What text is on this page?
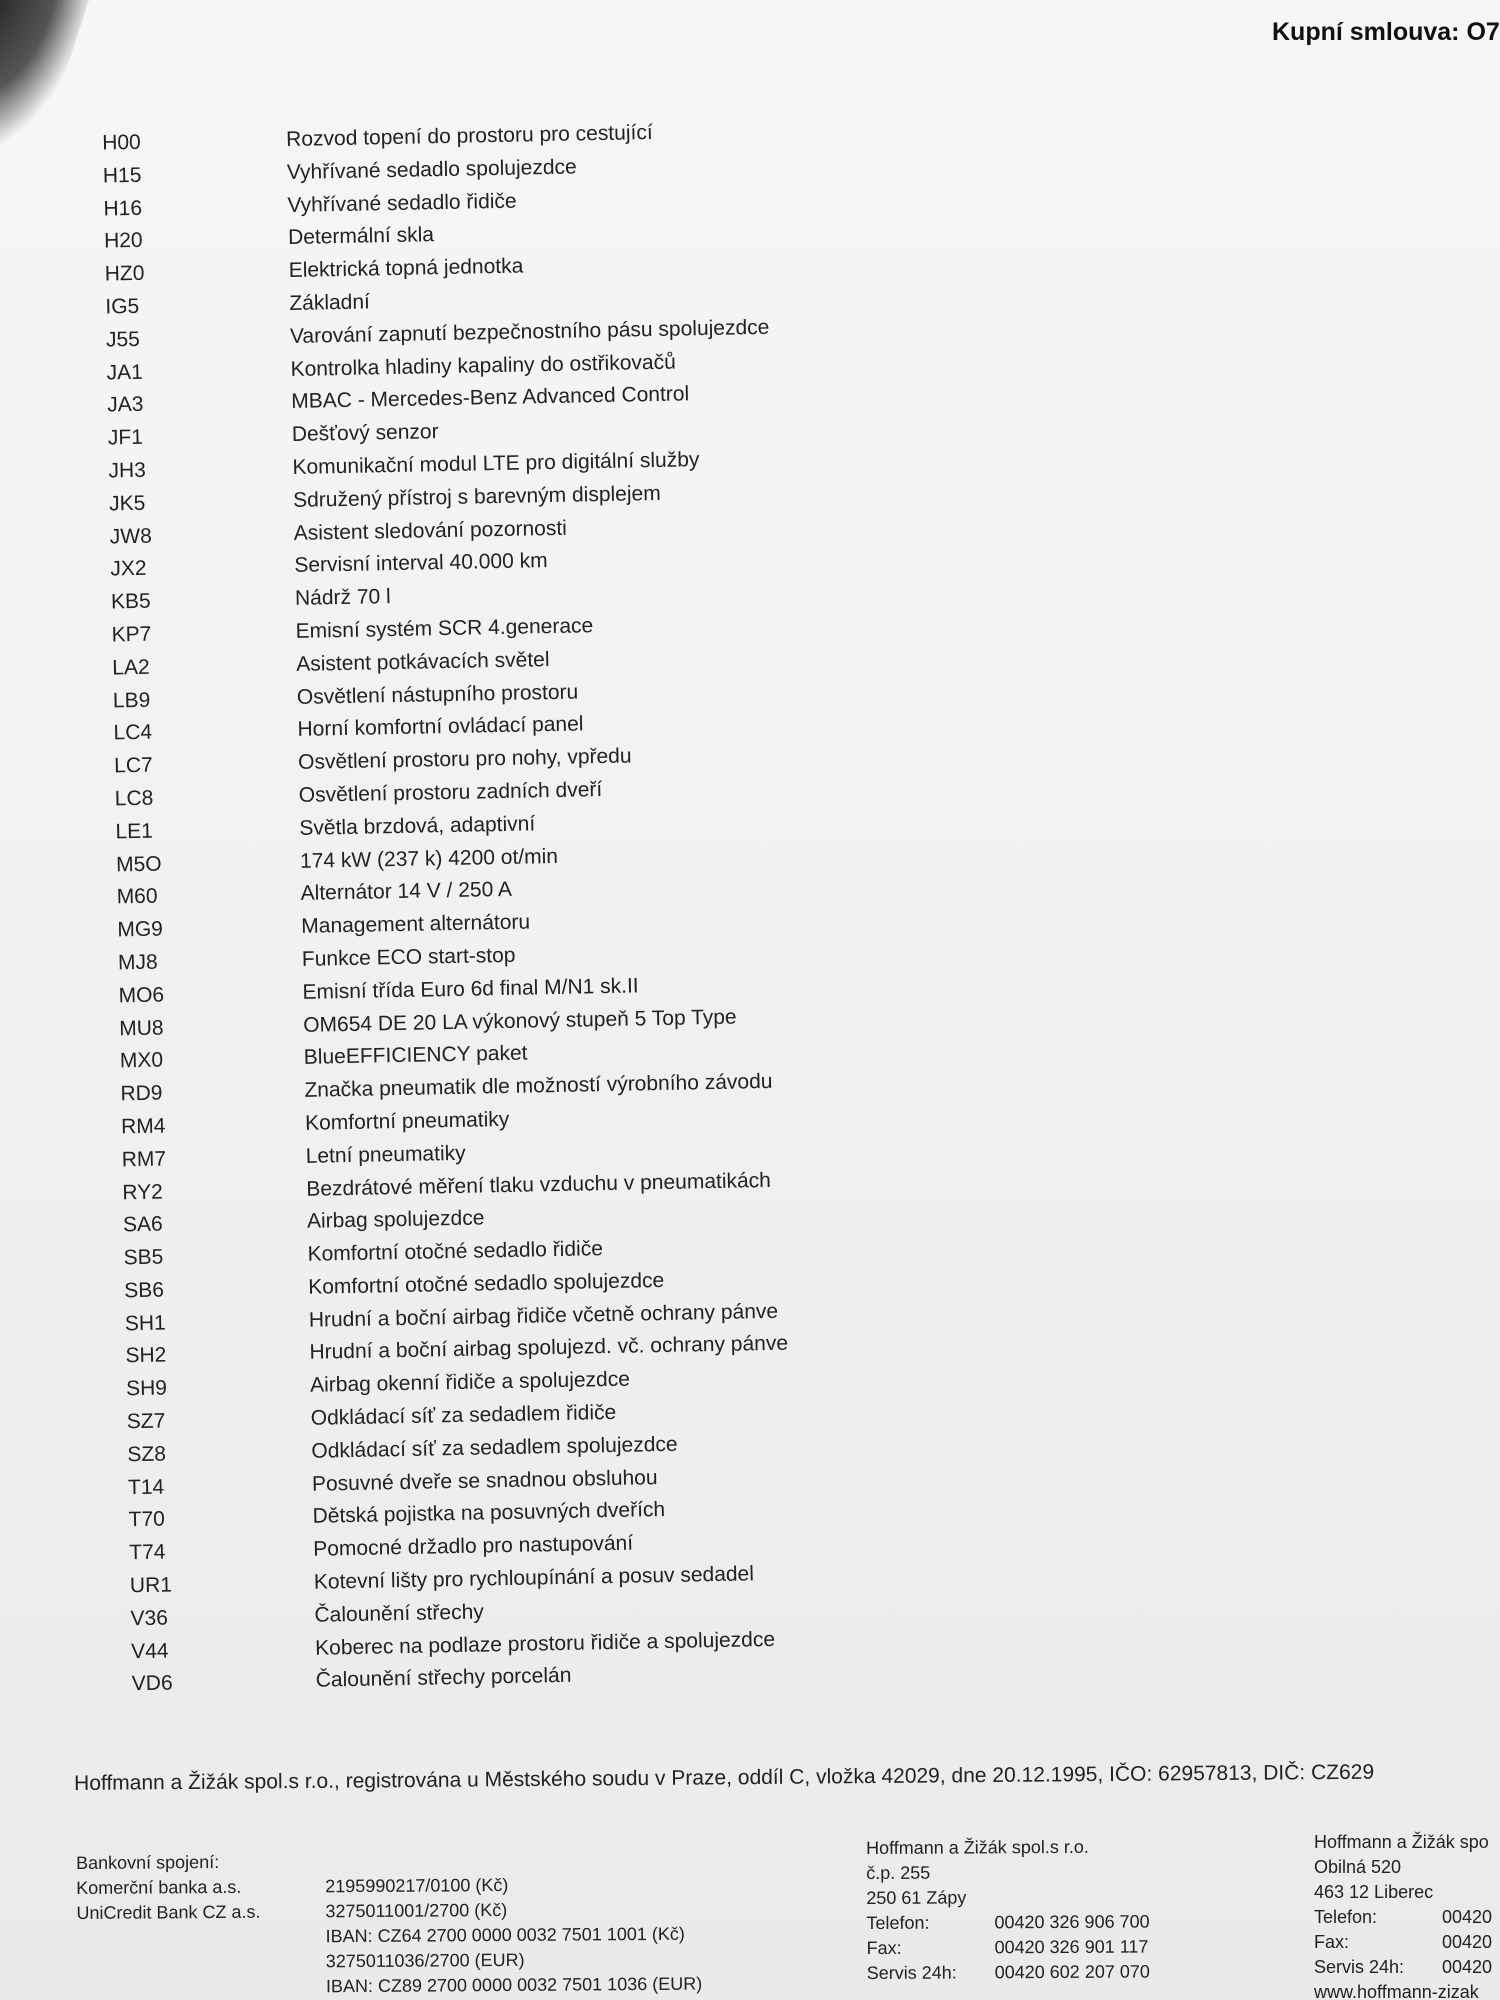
Kupní smlouva: O7
H00	Rozvod topení do prostoru pro cestující
H15	Vyhřívané sedadlo spolujezdce
H16	Vyhřívané sedadlo řidiče
H20	Determální skla
HZ0	Elektrická topná jednotka
IG5	Základní
J55	Varování zapnutí bezpečnostního pásu spolujezdce
JA1	Kontrolka hladiny kapaliny do ostřikovačů
JA3	MBAC - Mercedes-Benz Advanced Control
JF1	Dešťový senzor
JH3	Komunikační modul LTE pro digitální služby
JK5	Sdružený přístroj s barevným displejem
JW8	Asistent sledování pozornosti
JX2	Servisní interval 40.000 km
KB5	Nádrž 70 l
KP7	Emisní systém SCR 4.generace
LA2	Asistent potkávacích světel
LB9	Osvětlení nástupního prostoru
LC4	Horní komfortní ovládací panel
LC7	Osvětlení prostoru pro nohy, vpředu
LC8	Osvětlení prostoru zadních dveří
LE1	Světla brzdová, adaptivní
M5O	174 kW (237 k) 4200 ot/min
M60	Alternátor 14 V / 250 A
MG9	Management alternátoru
MJ8	Funkce ECO start-stop
MO6	Emisní třída Euro 6d final M/N1 sk.II
MU8	OM654 DE 20 LA výkonový stupeň 5 Top Type
MX0	BlueEFFICIENCY paket
RD9	Značka pneumatik dle možností výrobního závodu
RM4	Komfortní pneumatiky
RM7	Letní pneumatiky
RY2	Bezdrátové měření tlaku vzduchu v pneumatikách
SA6	Airbag spolujezdce
SB5	Komfortní otočné sedadlo řidiče
SB6	Komfortní otočné sedadlo spolujezdce
SH1	Hrudní a boční airbag řidiče včetně ochrany pánve
SH2	Hrudní a boční airbag spolujezd. vč. ochrany pánve
SH9	Airbag okenní řidiče a spolujezdce
SZ7	Odkládací síť za sedadlem řidiče
SZ8	Odkládací síť za sedadlem spolujezdce
T14	Posuvné dveře se snadnou obsluhou
T70	Dětská pojistka na posuvných dveřích
T74	Pomocné držadlo pro nastupování
UR1	Kotevní lišty pro rychloupínání a posuv sedadel
V36	Čalounění střechy
V44	Koberec na podlaze prostoru řidiče a spolujezdce
VD6	Čalounění střechy porcelán
Hoffmann a Žižák spol.s r.o., registrována u Městského soudu v Praze, oddíl C, vložka 42029, dne 20.12.1995, IČO: 62957813, DIČ: CZ629
Bankovní spojení:
Komerční banka a.s.	2195990217/0100 (Kč)
UniCredit Bank CZ a.s.	3275011001/2700 (Kč)
IBAN: CZ64 2700 0000 0032 7501 1001 (Kč)
3275011036/2700 (EUR)
IBAN: CZ89 2700 0000 0032 7501 1036 (EUR)
Hoffmann a Žižák spol.s r.o.
č.p. 255
250 61 Zápy
Telefon:	00420 326 906 700
Fax:	00420 326 901 117
Servis 24h:	00420 602 207 070
Hoffmann a Žižák spo
Obilná 520
463 12 Liberec
Telefon:	00420
Fax:	00420
Servis 24h:	00420
www.hoffmann-zizak
